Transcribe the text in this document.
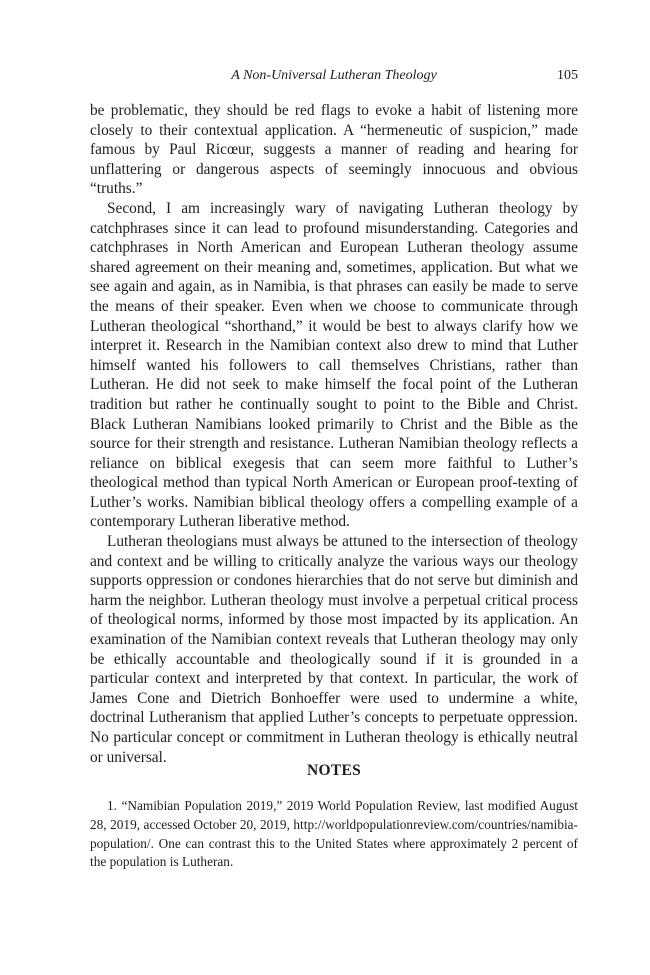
A Non-Universal Lutheran Theology	105

be problematic, they should be red flags to evoke a habit of listening more closely to their contextual application. A “hermeneutic of suspicion,” made famous by Paul Ricœur, suggests a manner of reading and hearing for unflattering or dangerous aspects of seemingly innocuous and obvious “truths.”

Second, I am increasingly wary of navigating Lutheran theology by catchphrases since it can lead to profound misunderstanding. Categories and catchphrases in North American and European Lutheran theology assume shared agreement on their meaning and, sometimes, application. But what we see again and again, as in Namibia, is that phrases can easily be made to serve the means of their speaker. Even when we choose to communicate through Lutheran theological “shorthand,” it would be best to always clarify how we interpret it. Research in the Namibian context also drew to mind that Luther himself wanted his followers to call themselves Christians, rather than Lutheran. He did not seek to make himself the focal point of the Lutheran tradition but rather he continually sought to point to the Bible and Christ. Black Lutheran Namibians looked primarily to Christ and the Bible as the source for their strength and resistance. Lutheran Namibian theology reflects a reliance on biblical exegesis that can seem more faithful to Luther’s theological method than typical North American or European proof-texting of Luther’s works. Namibian biblical theology offers a compelling example of a contemporary Lutheran liberative method.

Lutheran theologians must always be attuned to the intersection of theology and context and be willing to critically analyze the various ways our theology supports oppression or condones hierarchies that do not serve but diminish and harm the neighbor. Lutheran theology must involve a perpetual critical process of theological norms, informed by those most impacted by its application. An examination of the Namibian context reveals that Lutheran theology may only be ethically accountable and theologically sound if it is grounded in a particular context and interpreted by that context. In particular, the work of James Cone and Dietrich Bonhoeffer were used to undermine a white, doctrinal Lutheranism that applied Luther’s concepts to perpetuate oppression. No particular concept or commitment in Lutheran theology is ethically neutral or universal.

NOTES
1. “Namibian Population 2019,” 2019 World Population Review, last modified August 28, 2019, accessed October 20, 2019, http://worldpopulationreview.com/countries/namibia-population/. One can contrast this to the United States where approximately 2 percent of the population is Lutheran.
